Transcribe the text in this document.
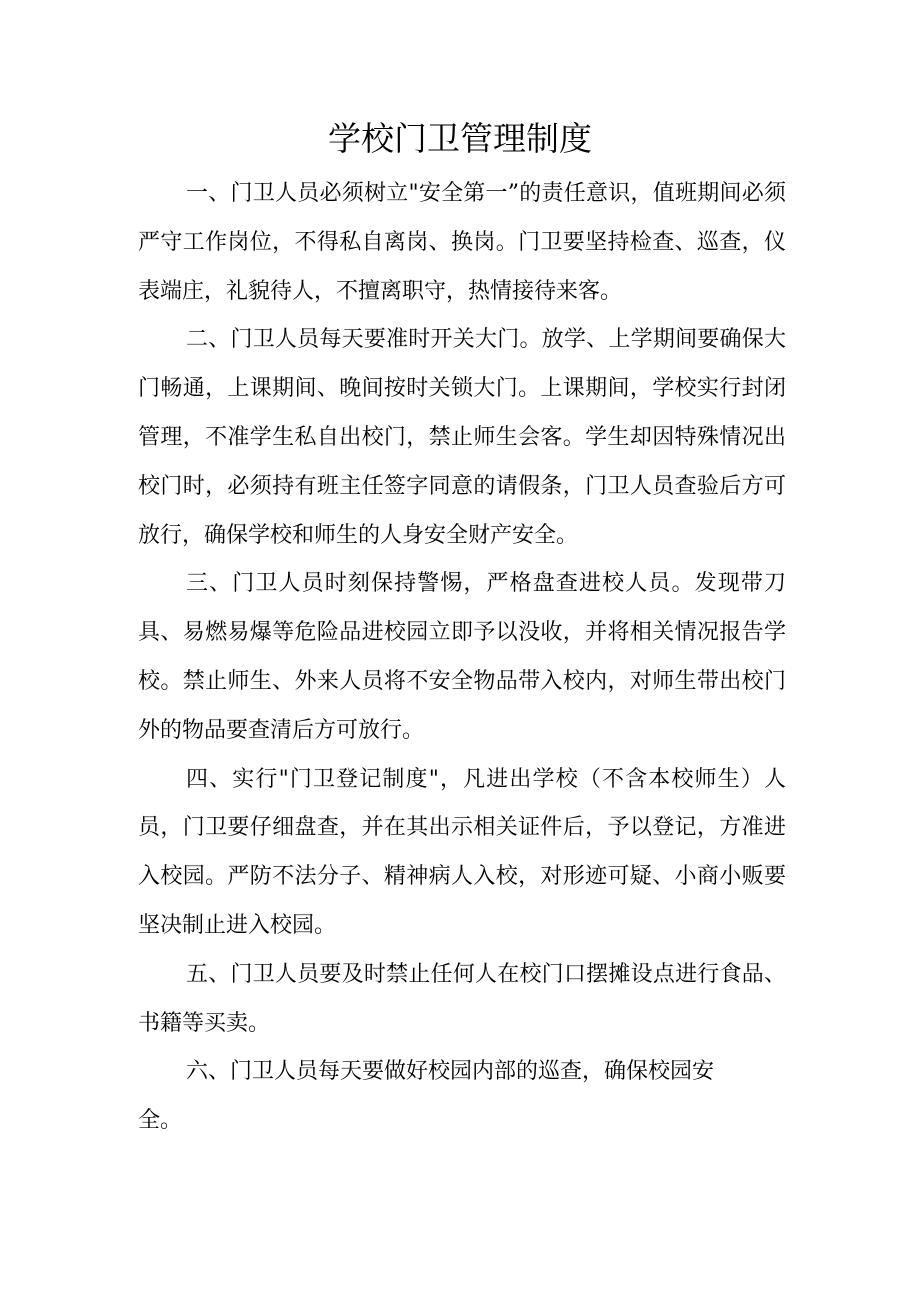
学校门卫管理制度

一、门卫人员必须树立"安全第一”的责任意识，值班期间必须严守工作岗位，不得私自离岗、换岗。门卫要坚持检查、巡查，仪表端庄，礼貌待人，不擅离职守，热情接待来客。

二、门卫人员每天要准时开关大门。放学、上学期间要确保大门畅通，上课期间、晚间按时关锁大门。上课期间，学校实行封闭管理，不准学生私自出校门，禁止师生会客。学生却因特殊情况出校门时，必须持有班主任签字同意的请假条，门卫人员查验后方可放行，确保学校和师生的人身安全财产安全。

三、门卫人员时刻保持警惕，严格盘查进校人员。发现带刀具、易燃易爆等危险品进校园立即予以没收，并将相关情况报告学校。禁止师生、外来人员将不安全物品带入校内，对师生带出校门外的物品要查清后方可放行。

四、实行"门卫登记制度"，凡进出学校（不含本校师生）人员，门卫要仔细盘查，并在其出示相关证件后，予以登记，方准进入校园。严防不法分子、精神病人入校，对形迹可疑、小商小贩要坚决制止进入校园。

五、门卫人员要及时禁止任何人在校门口摆摊设点进行食品、书籍等买卖。

六、门卫人员每天要做好校园内部的巡查，确保校园安全。
